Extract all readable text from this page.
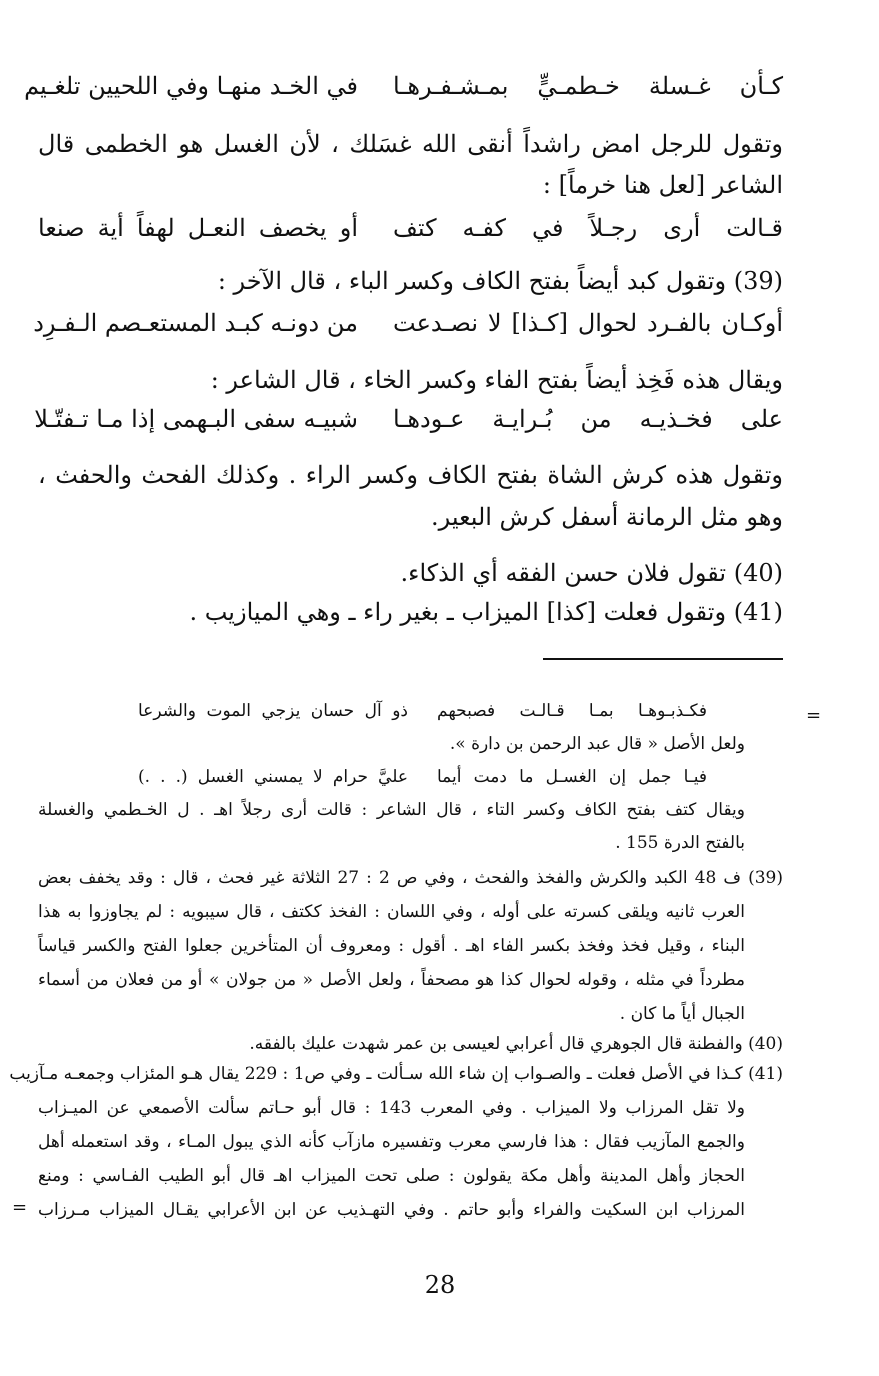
كـأن غـسلة خـطمـيٍّ بمـشـفـرهـا
في الخـد منهـا وفي اللحيين تلغـيم
وتقول للرجل امض راشداً أنقى الله غسَلك ، لأن الغسل هو الخطمى قال
الشاعر [لعل هنا خرماً] :
قـالت أرى رجـلاً في كفـه كتف
أو يخصف النعـل لهفاً أية صنعا
(39) وتقول كبد أيضاً بفتح الكاف وكسر الباء ، قال الآخر :
أوكـان بالفـرد لحوال [كـذا] لا نصـدعت
من دونـه كبـد المستعـصم الـفـرِد
ويقال هذه فَخِذ أيضاً بفتح الفاء وكسر الخاء ، قال الشاعر :
على فخـذيـه من بُـرايـة عـودهـا
شبيـه سفى البـهمى إذا مـا تـفتّـلا
وتقول هذه كرش الشاة بفتح الكاف وكسر الراء . وكذلك الفحث والحفث ،
وهو مثل الرمانة أسفل كرش البعير.
(40) تقول فلان حسن الفقه أي الذكاء.
(41) وتقول فعلت [كذا] الميزاب ـ بغير راء ـ وهي الميازيب .
=
فكـذبـوهـا بمـا قـالـت فصبحهم
ذو آل حسان يزجي الموت والشرعا
ولعل الأصل « قال عبد الرحمن بن دارة ».
فيـا جمل إن الغسـل ما دمت أيما
عليَّ حرام لا يمسني الغسل (. . .)
ويقال كتف بفتح الكاف وكسر التاء ، قال الشاعر : قالت أرى رجلاً اهـ . ل الخـطمي والغسلة
بالفتح الدرة 155 .
(39) ف 48 الكبد والكرش والفخذ والفحث ، وفي ص 2 : 27 الثلاثة غير فحث ، قال : وقد يخفف بعض
العرب ثانيه ويلقى كسرته على أوله ، وفي اللسان : الفخذ ككتف ، قال سيبويه : لم يجاوزوا به هذا
البناء ، وقيل فخذ وفخذ بكسر الفاء اهـ . أقول : ومعروف أن المتأخرين جعلوا الفتح والكسر قياساً
مطرداً في مثله ، وقوله لحوال كذا هو مصحفاً ، ولعل الأصل « من جولان » أو من فعلان من أسماء
الجبال أياً ما كان .
(40) والفطنة قال الجوهري قال أعرابي لعيسى بن عمر شهدت عليك بالفقه.
(41) كـذا في الأصل فعلت ـ والصـواب إن شاء الله سـألت ـ وفي ص1 : 229 يقال هـو المئزاب وجمعـه مـآزيب
ولا تقل المرزاب ولا الميزاب . وفي المعرب 143 : قال أبو حـاتم سألت الأصمعي عن الميـزاب
والجمع المآزيب فقال : هذا فارسي معرب وتفسيره مازآب كأنه الذي يبول المـاء ، وقد استعمله أهل
الحجاز وأهل المدينة وأهل مكة يقولون : صلى تحت الميزاب اهـ قال أبو الطيب الفـاسي : ومنع
المرزاب ابن السكيت والفراء وأبو حاتم . وفي التهـذيب عن ابن الأعرابي يقـال الميزاب مـرزاب
=
28
